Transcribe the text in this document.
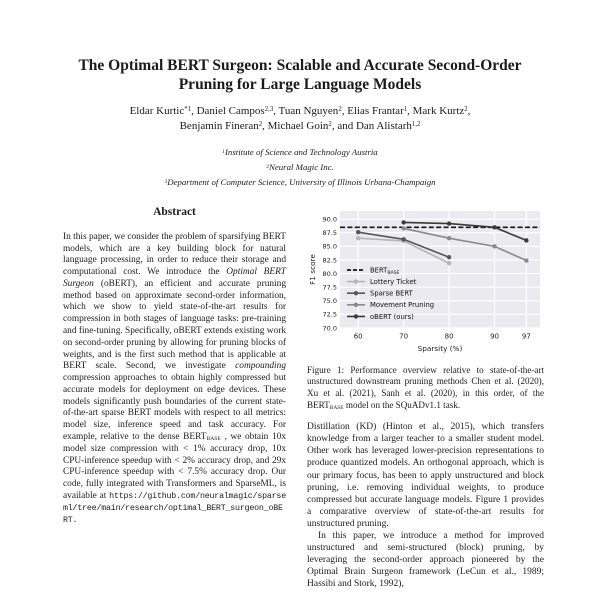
The Optimal BERT Surgeon: Scalable and Accurate Second-Order
Pruning for Large Language Models
Eldar Kurtic$^{*1}$, Daniel Campos$^{2,3}$, Tuan Nguyen$^2$, Elias Frantar$^1$, Mark Kurtz$^2$,
Benjamin Fineran$^2$, Michael Goin$^2$, and Dan Alistarh$^{1,2}$
$^1$Institute of Science and Technology Austria
$^2$Neural Magic Inc.
$^3$Department of Computer Science, University of Illinois Urbana-Champaign
Abstract
In this paper, we consider the problem of sparsifying BERT models, which are a key building block for natural language processing, in order to reduce their storage and computational cost. We introduce the Optimal BERT Surgeon (oBERT), an efficient and accurate pruning method based on approximate second-order information, which we show to yield state-of-the-art results for compression in both stages of language tasks: pre-training and fine-tuning. Specifically, oBERT extends existing work on second-order pruning by allowing for pruning blocks of weights, and is the first such method that is applicable at BERT scale. Second, we investigate compounding compression approaches to obtain highly compressed but accurate models for deployment on edge devices. These models significantly push boundaries of the current state-of-the-art sparse BERT models with respect to all metrics: model size, inference speed and task accuracy. For example, relative to the dense BERTBASE , we obtain 10x model size compression with < 1% accuracy drop, 10x CPU-inference speedup with < 2% accuracy drop, and 29x CPU-inference speedup with < 7.5% accuracy drop. Our code, fully integrated with Transformers and SparseML, is available at https://github.com/neuralmagic/sparseml/tree/main/research/optimal_BERT_surgeon_oBERT.
70.0
72.5
75.0
77.5
80.0
82.5
85.0
87.5
90.0
60	70	80	90	97
Sparsity (%)
F1 score	$BERT_{BASE}$
Lottery Ticket
Sparse BERT
Movement Pruning
oBERT (ours)
Figure 1: Performance overview relative to state-of-the-art unstructured downstream pruning methods Chen et al. (2020), Xu et al. (2021), Sanh et al. (2020), in this order, of the BERTBASE model on the SQuADv1.1 task.

Distillation (KD) (Hinton et al., 2015), which transfers knowledge from a larger teacher to a smaller student model. Other work has leveraged lower-precision representations to produce quantized models. An orthogonal approach, which is our primary focus, has been to apply unstructured and block pruning, i.e. removing individual weights, to produce compressed but accurate language models. Figure 1 provides a comparative overview of state-of-the-art results for unstructured pruning.

In this paper, we introduce a method for improved unstructured and semi-structured (block) pruning, by leveraging the second-order approach pioneered by the Optimal Brain Surgeon framework (LeCun et al., 1989; Hassibi and Stork, 1992),
